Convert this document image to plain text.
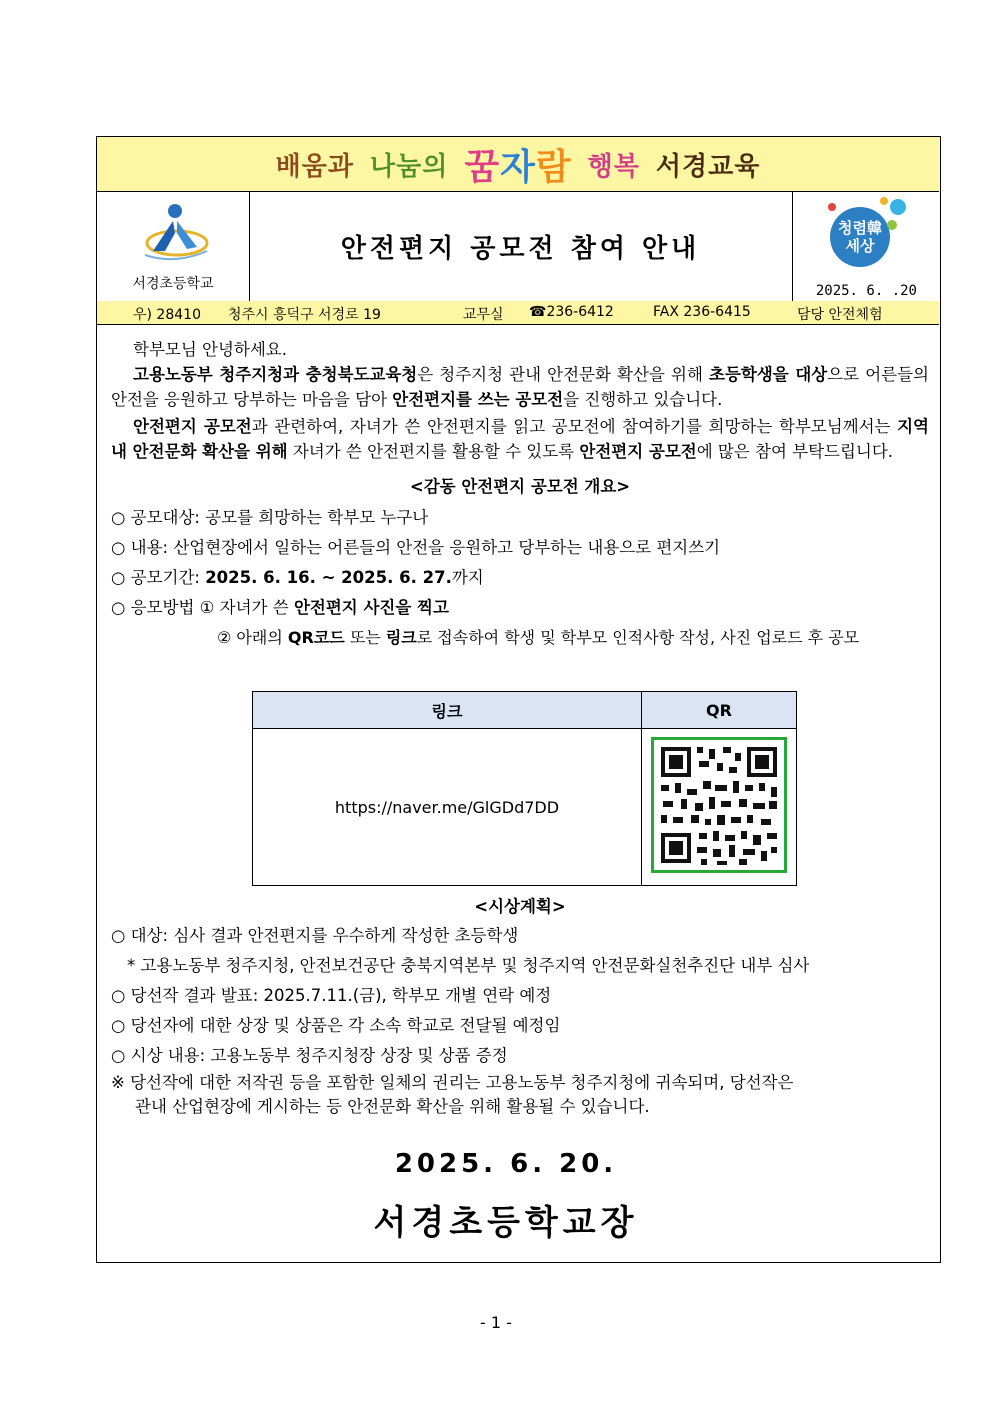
배움과 나눔의 꿈자람 행복 서경교육
서경초등학교
안전편지 공모전 참여 안내
청렴韓
세상
2025. 6. .20
우) 28410 청주시 흥덕구 서경로 19	교무실 ☎236-6412	FAX 236-6415	담당 안전체험
학부모님 안녕하세요.
고용노동부 청주지청과 충청북도교육청은 청주지청 관내 안전문화 확산을 위해 초등학생을 대상으로 어른들의 안전을 응원하고 당부하는 마음을 담아 안전편지를 쓰는 공모전을 진행하고 있습니다.
안전편지 공모전과 관련하여, 자녀가 쓴 안전편지를 읽고 공모전에 참여하기를 희망하는 학부모님께서는 지역 내 안전문화 확산을 위해 자녀가 쓴 안전편지를 활용할 수 있도록 안전편지 공모전에 많은 참여 부탁드립니다.
<감동 안전편지 공모전 개요>
○ 공모대상: 공모를 희망하는 학부모 누구나
○ 내용: 산업현장에서 일하는 어른들의 안전을 응원하고 당부하는 내용으로 편지쓰기
○ 공모기간: 2025. 6. 16. ~ 2025. 6. 27.까지
○ 응모방법 ① 자녀가 쓴 안전편지 사진을 찍고
② 아래의 QR코드 또는 링크로 접속하여 학생 및 학부모 인적사항 작성, 사진 업로드 후 공모
링크	QR
https://naver.me/GlGDd7DD	
<시상계획>
○ 대상: 심사 결과 안전편지를 우수하게 작성한 초등학생
* 고용노동부 청주지청, 안전보건공단 충북지역본부 및 청주지역 안전문화실천추진단 내부 심사
○ 당선작 결과 발표: 2025.7.11.(금), 학부모 개별 연락 예정
○ 당선자에 대한 상장 및 상품은 각 소속 학교로 전달될 예정임
○ 시상 내용: 고용노동부 청주지청장 상장 및 상품 증정
※ 당선작에 대한 저작권 등을 포함한 일체의 권리는 고용노동부 청주지청에 귀속되며, 당선작은
관내 산업현장에 게시하는 등 안전문화 확산을 위해 활용될 수 있습니다.
2025. 6. 20.
서경초등학교장
- 1 -
